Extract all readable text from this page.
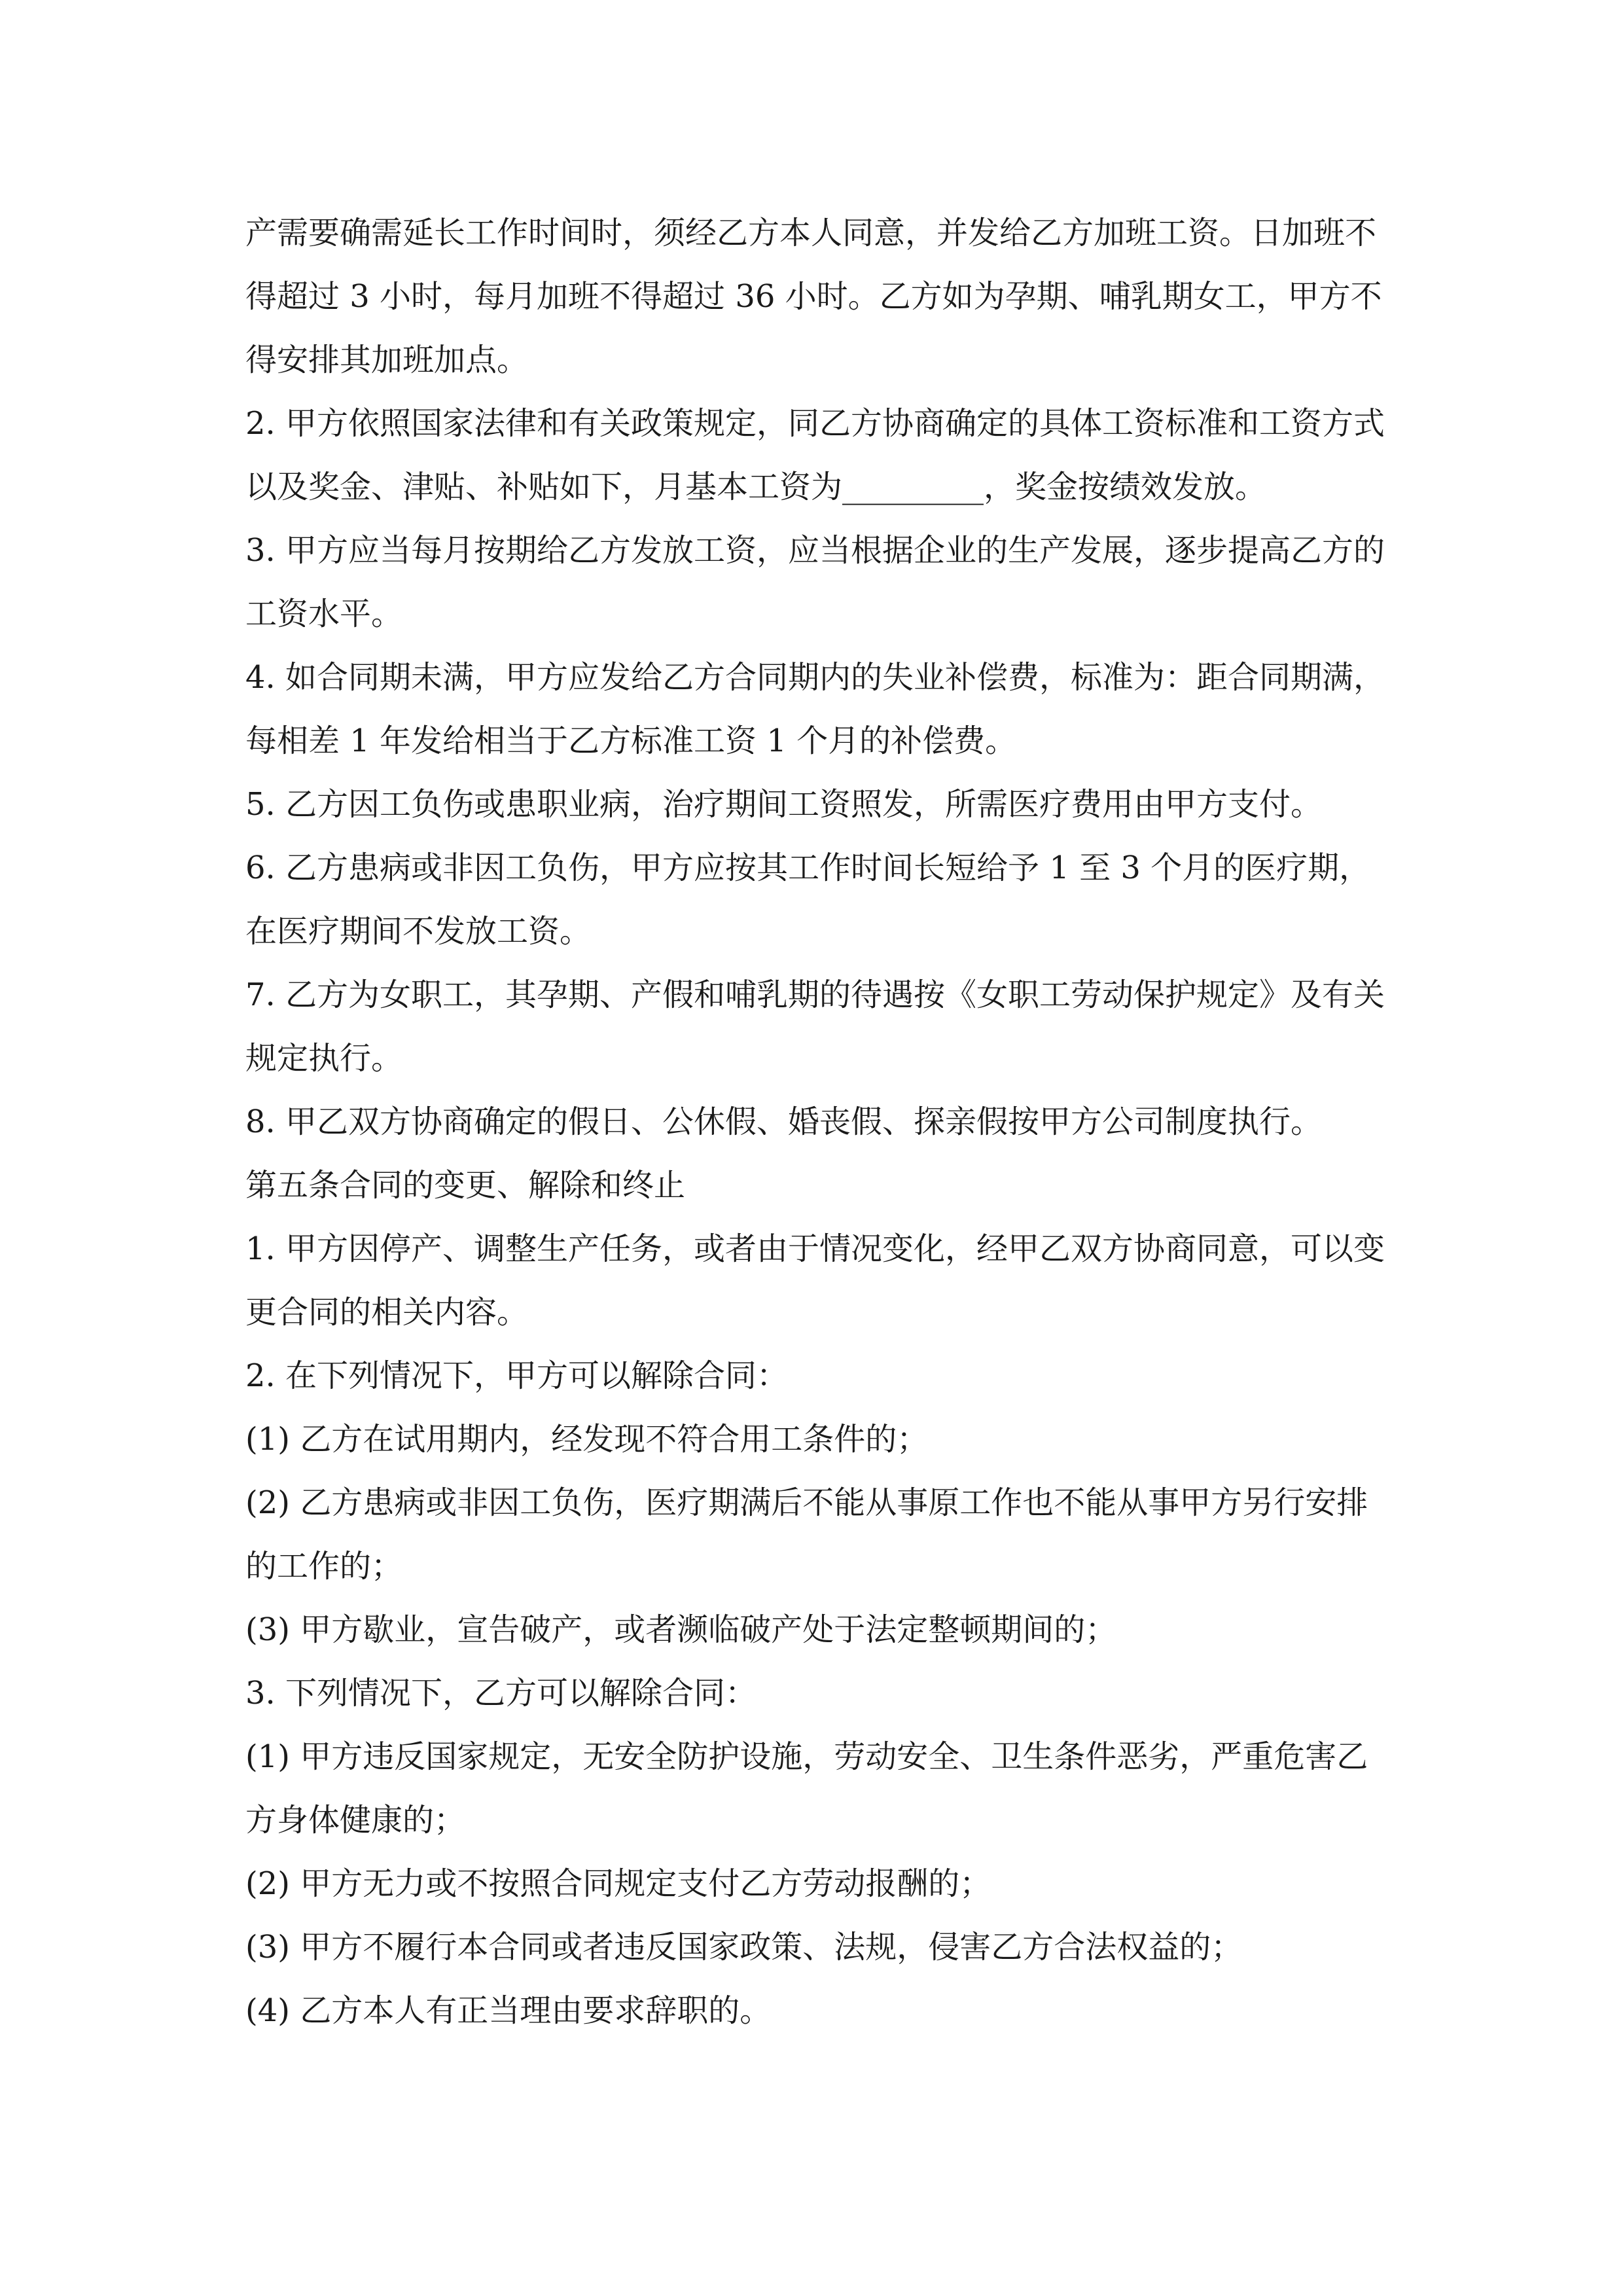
产需要确需延长工作时间时，须经乙方本人同意，并发给乙方加班工资。日加班不得超过 3 小时，每月加班不得超过 36 小时。乙方如为孕期、哺乳期女工，甲方不得安排其加班加点。

2. 甲方依照国家法律和有关政策规定，同乙方协商确定的具体工资标准和工资方式以及奖金、津贴、补贴如下，月基本工资为_________，奖金按绩效发放。

3. 甲方应当每月按期给乙方发放工资，应当根据企业的生产发展，逐步提高乙方的工资水平。

4. 如合同期未满，甲方应发给乙方合同期内的失业补偿费，标准为：距合同期满，每相差 1 年发给相当于乙方标准工资 1 个月的补偿费。

5. 乙方因工负伤或患职业病，治疗期间工资照发，所需医疗费用由甲方支付。

6. 乙方患病或非因工负伤，甲方应按其工作时间长短给予 1 至 3 个月的医疗期，在医疗期间不发放工资。

7. 乙方为女职工，其孕期、产假和哺乳期的待遇按《女职工劳动保护规定》及有关规定执行。

8. 甲乙双方协商确定的假日、公休假、婚丧假、探亲假按甲方公司制度执行。

第五条合同的变更、解除和终止

1. 甲方因停产、调整生产任务，或者由于情况变化，经甲乙双方协商同意，可以变更合同的相关内容。

2. 在下列情况下，甲方可以解除合同：

(1) 乙方在试用期内，经发现不符合用工条件的；

(2) 乙方患病或非因工负伤，医疗期满后不能从事原工作也不能从事甲方另行安排的工作的；

(3) 甲方歇业，宣告破产，或者濒临破产处于法定整顿期间的；

3. 下列情况下，乙方可以解除合同：

(1) 甲方违反国家规定，无安全防护设施，劳动安全、卫生条件恶劣，严重危害乙方身体健康的；

(2) 甲方无力或不按照合同规定支付乙方劳动报酬的；

(3) 甲方不履行本合同或者违反国家政策、法规，侵害乙方合法权益的；

(4) 乙方本人有正当理由要求辞职的。
